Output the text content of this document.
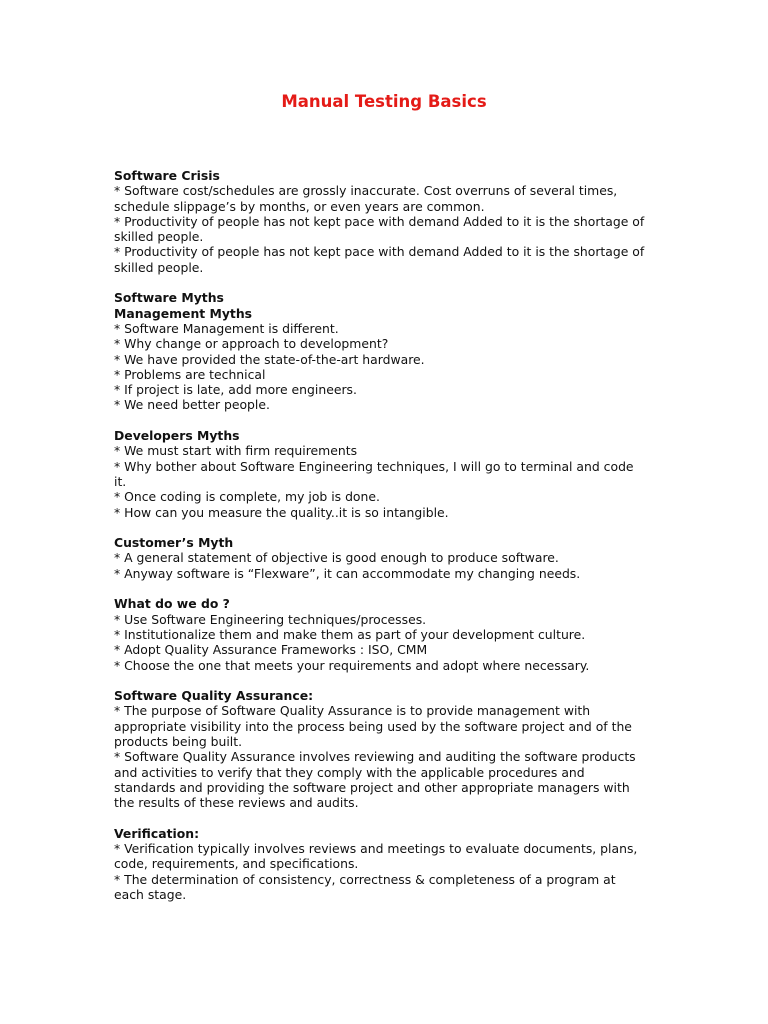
Manual Testing Basics
Software Crisis
* Software cost/schedules are grossly inaccurate. Cost overruns of several times,
schedule slippage’s by months, or even years are common.
* Productivity of people has not kept pace with demand Added to it is the shortage of
skilled people.
* Productivity of people has not kept pace with demand Added to it is the shortage of
skilled people.
Software Myths
Management Myths
* Software Management is different.
* Why change or approach to development?
* We have provided the state-of-the-art hardware.
* Problems are technical
* If project is late, add more engineers.
* We need better people.
Developers Myths
* We must start with firm requirements
* Why bother about Software Engineering techniques, I will go to terminal and code
it.
* Once coding is complete, my job is done.
* How can you measure the quality..it is so intangible.
Customer’s Myth
* A general statement of objective is good enough to produce software.
* Anyway software is “Flexware”, it can accommodate my changing needs.
What do we do ?
* Use Software Engineering techniques/processes.
* Institutionalize them and make them as part of your development culture.
* Adopt Quality Assurance Frameworks : ISO, CMM
* Choose the one that meets your requirements and adopt where necessary.
Software Quality Assurance:
* The purpose of Software Quality Assurance is to provide management with
appropriate visibility into the process being used by the software project and of the
products being built.
* Software Quality Assurance involves reviewing and auditing the software products
and activities to verify that they comply with the applicable procedures and
standards and providing the software project and other appropriate managers with
the results of these reviews and audits.
Verification:
* Verification typically involves reviews and meetings to evaluate documents, plans,
code, requirements, and specifications.
* The determination of consistency, correctness & completeness of a program at
each stage.
